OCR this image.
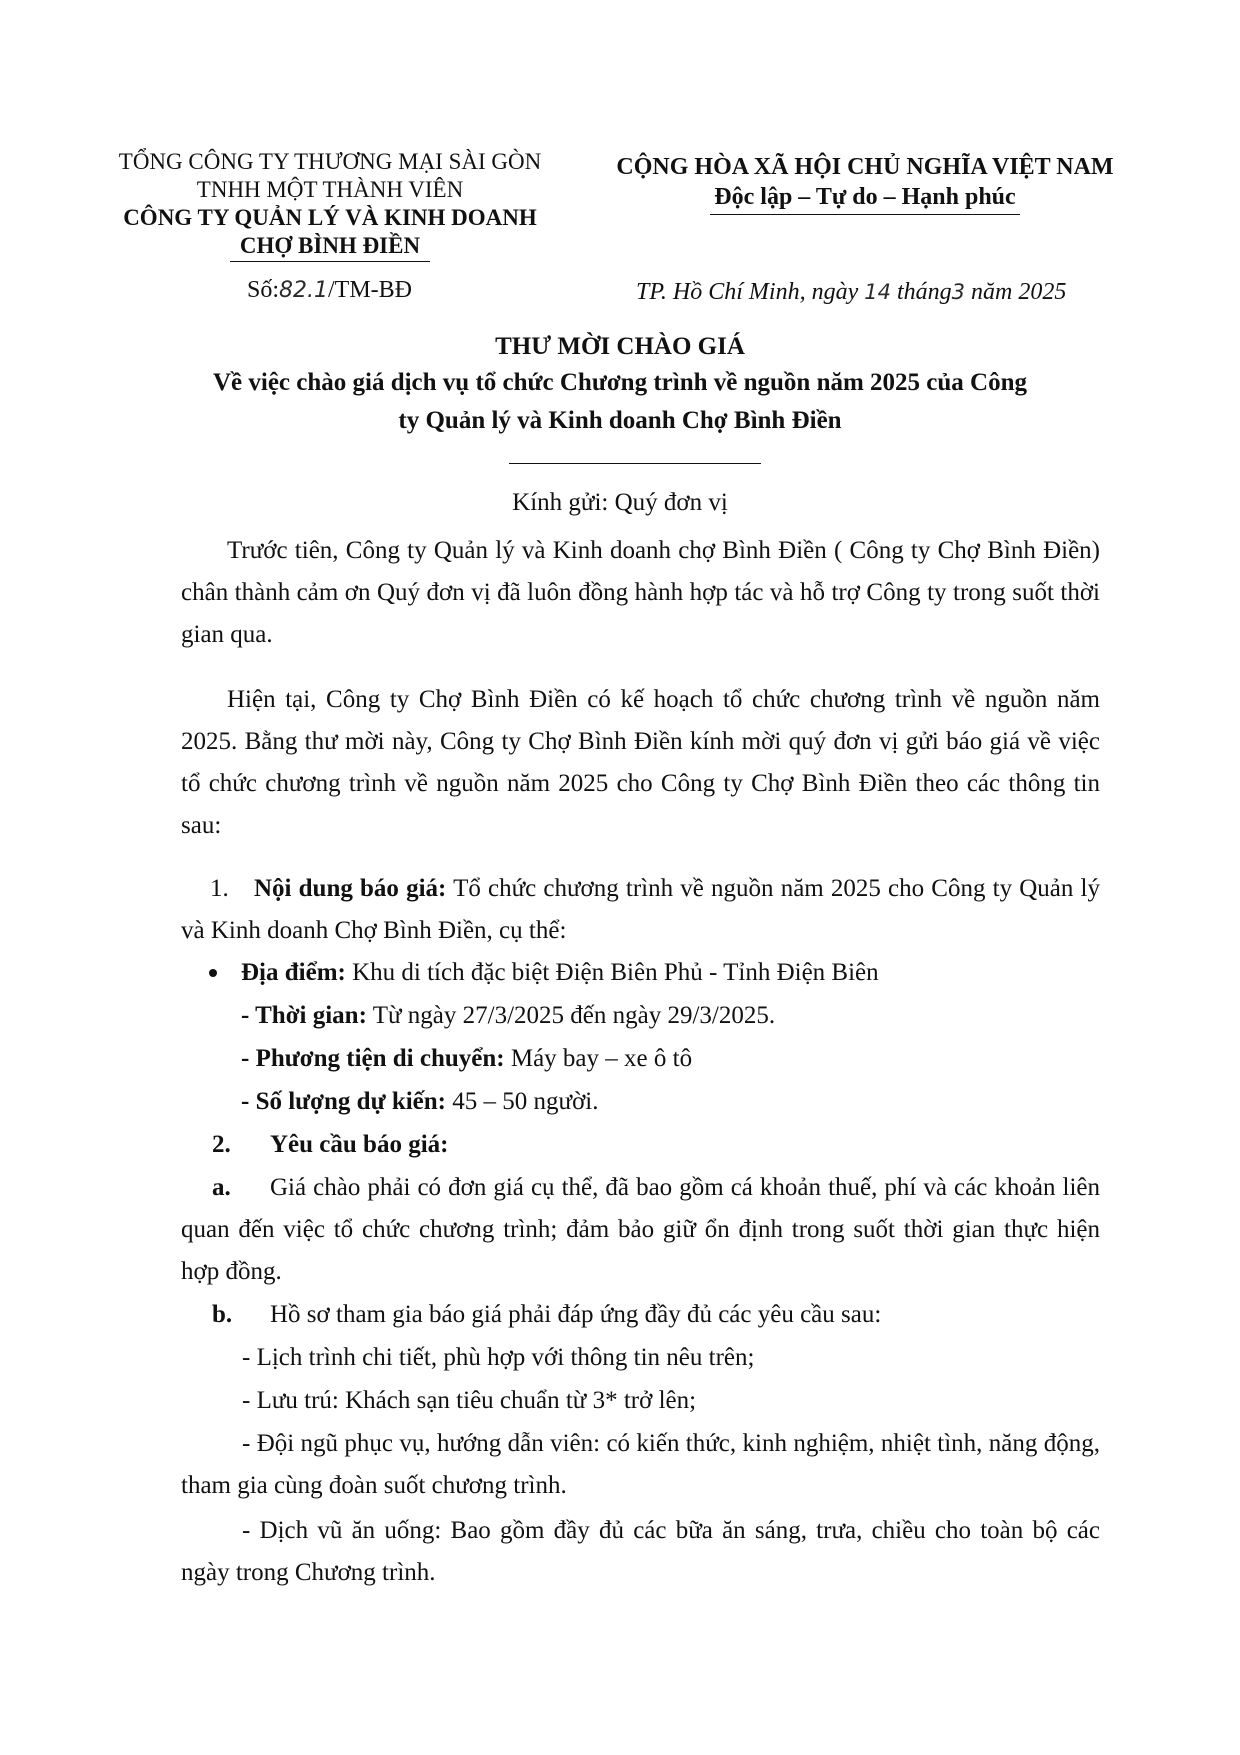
TỔNG CÔNG TY THƯƠNG MẠI SÀI GÒN
TNHH MỘT THÀNH VIÊN
CÔNG TY QUẢN LÝ VÀ KINH DOANH
CHỢ BÌNH ĐIỀN
CỘNG HÒA XÃ HỘI CHỦ NGHĨA VIỆT NAM
Độc lập – Tự do – Hạnh phúc
Số:82.1/TM-BĐ	TP. Hồ Chí Minh, ngày 14 tháng3 năm 2025
THƯ MỜI CHÀO GIÁ
Về việc chào giá dịch vụ tổ chức Chương trình về nguồn năm 2025 của Công
ty Quản lý và Kinh doanh Chợ Bình Điền
Kính gửi: Quý đơn vị
Trước tiên, Công ty Quản lý và Kinh doanh chợ Bình Điền ( Công ty Chợ Bình Điền) chân thành cảm ơn Quý đơn vị đã luôn đồng hành hợp tác và hỗ trợ Công ty trong suốt thời gian qua.
Hiện tại, Công ty Chợ Bình Điền có kế hoạch tổ chức chương trình về nguồn năm 2025. Bằng thư mời này, Công ty Chợ Bình Điền kính mời quý đơn vị gửi báo giá về việc tổ chức chương trình về nguồn năm 2025 cho Công ty Chợ Bình Điền theo các thông tin sau:
1. Nội dung báo giá: Tổ chức chương trình về nguồn năm 2025 cho Công ty Quản lý và Kinh doanh Chợ Bình Điền, cụ thể:
Địa điểm: Khu di tích đặc biệt Điện Biên Phủ - Tỉnh Điện Biên
- Thời gian: Từ ngày 27/3/2025 đến ngày 29/3/2025.
- Phương tiện di chuyển: Máy bay – xe ô tô
- Số lượng dự kiến: 45 – 50 người.
2. Yêu cầu báo giá:
a. Giá chào phải có đơn giá cụ thể, đã bao gồm cá khoản thuế, phí và các khoản liên quan đến việc tổ chức chương trình; đảm bảo giữ ổn định trong suốt thời gian thực hiện hợp đồng.
b. Hồ sơ tham gia báo giá phải đáp ứng đầy đủ các yêu cầu sau:
- Lịch trình chi tiết, phù hợp với thông tin nêu trên;
- Lưu trú: Khách sạn tiêu chuẩn từ 3* trở lên;
- Đội ngũ phục vụ, hướng dẫn viên: có kiến thức, kinh nghiệm, nhiệt tình, năng động, tham gia cùng đoàn suốt chương trình.
- Dịch vũ ăn uống: Bao gồm đầy đủ các bữa ăn sáng, trưa, chiều cho toàn bộ các ngày trong Chương trình.
